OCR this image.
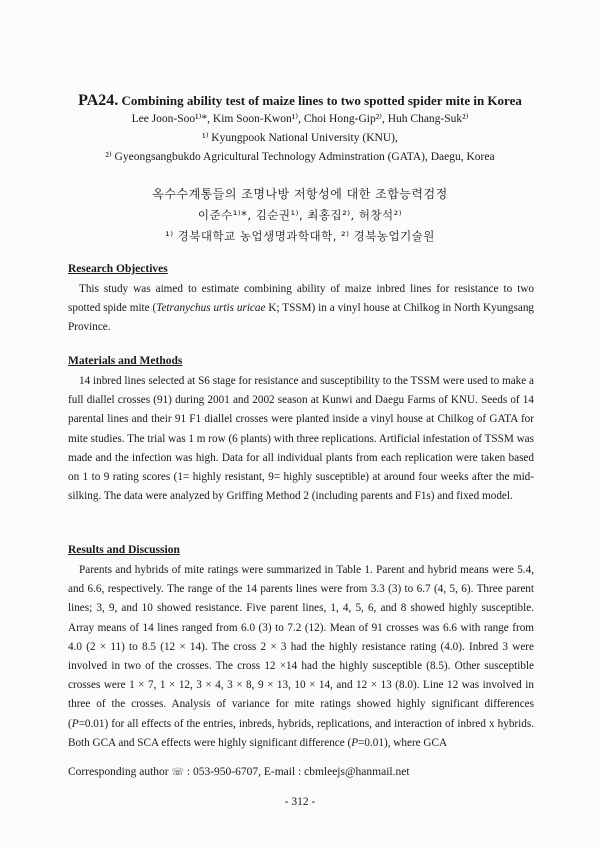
PA24. Combining ability test of maize lines to two spotted spider mite in Korea

Lee Joon-Soo¹⁾*, Kim Soon-Kwon¹⁾, Choi Hong-Gip²⁾, Huh Chang-Suk²⁾

¹⁾ Kyungpook National University (KNU),

²⁾ Gyeongsangbukdo Agricultural Technology Adminstration (GATA), Daegu, Korea

옥수수계통들의 조명나방 저항성에 대한 조합능력검정

이준수¹⁾*, 김순권¹⁾, 최홍집²⁾, 허창석²⁾

¹⁾ 경북대학교 농업생명과학대학, ²⁾ 경북농업기술원

Research Objectives

This study was aimed to estimate combining ability of maize inbred lines for resistance to two spotted spide mite (Tetranychus urtis uricae K; TSSM) in a vinyl house at Chilkog in North Kyungsang Province.

Materials and Methods

14 inbred lines selected at S6 stage for resistance and susceptibility to the TSSM were used to make a full diallel crosses (91) during 2001 and 2002 season at Kunwi and Daegu Farms of KNU. Seeds of 14 parental lines and their 91 F1 diallel crosses were planted inside a vinyl house at Chilkog of GATA for mite studies. The trial was 1 m row (6 plants) with three replications. Artificial infestation of TSSM was made and the infection was high. Data for all individual plants from each replication were taken based on 1 to 9 rating scores (1= highly resistant, 9= highly susceptible) at around four weeks after the mid-silking. The data were analyzed by Griffing Method 2 (including parents and F1s) and fixed model.

Results and Discussion

Parents and hybrids of mite ratings were summarized in Table 1. Parent and hybrid means were 5.4, and 6.6, respectively. The range of the 14 parents lines were from 3.3 (3) to 6.7 (4, 5, 6). Three parent lines; 3, 9, and 10 showed resistance. Five parent lines, 1, 4, 5, 6, and 8 showed highly susceptible. Array means of 14 lines ranged from 6.0 (3) to 7.2 (12). Mean of 91 crosses was 6.6 with range from 4.0 (2 × 11) to 8.5 (12 × 14). The cross 2 × 3 had the highly resistance rating (4.0). Inbred 3 were involved in two of the crosses. The cross 12 ×14 had the highly susceptible (8.5). Other susceptible crosses were 1 × 7, 1 × 12, 3 × 4, 3 × 8, 9 × 13, 10 × 14, and 12 × 13 (8.0). Line 12 was involved in three of the crosses. Analysis of variance for mite ratings showed highly significant differences (P=0.01) for all effects of the entries, inbreds, hybrids, replications, and interaction of inbred x hybrids. Both GCA and SCA effects were highly significant difference (P=0.01), where GCA

Corresponding author ☏ : 053-950-6707, E-mail : cbmleejs@hanmail.net
- 312 -
